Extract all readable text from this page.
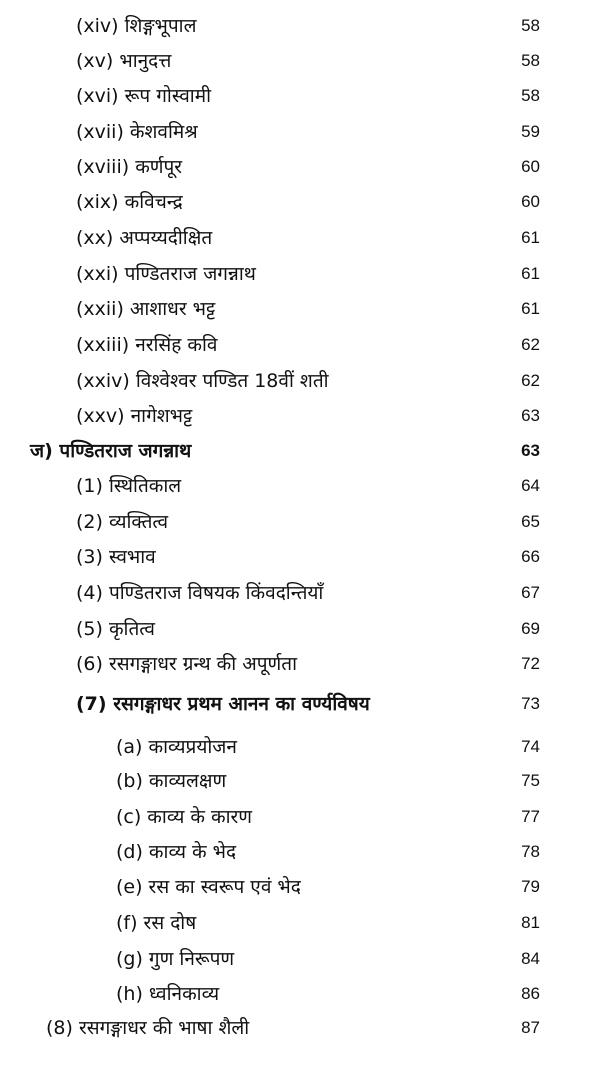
(xiv) शिङ्गभूपाल	58
(xv) भानुदत्त	58
(xvi) रूप गोस्वामी	58
(xvii) केशवमिश्र	59
(xviii) कर्णपूर	60
(xix) कविचन्द्र	60
(xx) अप्पय्यदीक्षित	61
(xxi) पण्डितराज जगन्नाथ	61
(xxii) आशाधर भट्ट	61
(xxiii) नरसिंह कवि	62
(xxiv) विश्वेश्वर पण्डित 18वीं शती	62
(xxv) नागेशभट्ट	63
ज) पण्डितराज जगन्नाथ	63
(1) स्थितिकाल	64
(2) व्यक्तित्व	65
(3) स्वभाव	66
(4) पण्डितराज विषयक किंवदन्तियाँ	67
(5) कृतित्व	69
(6) रसगङ्गाधर ग्रन्थ की अपूर्णता	72
(7) रसगङ्गाधर प्रथम आनन का वर्ण्यविषय	73
(a) काव्यप्रयोजन	74
(b) काव्यलक्षण	75
(c) काव्य के कारण	77
(d) काव्य के भेद	78
(e) रस का स्वरूप एवं भेद	79
(f) रस दोष	81
(g) गुण निरूपण	84
(h) ध्वनिकाव्य	86
(8) रसगङ्गाधर की भाषा शैली	87
